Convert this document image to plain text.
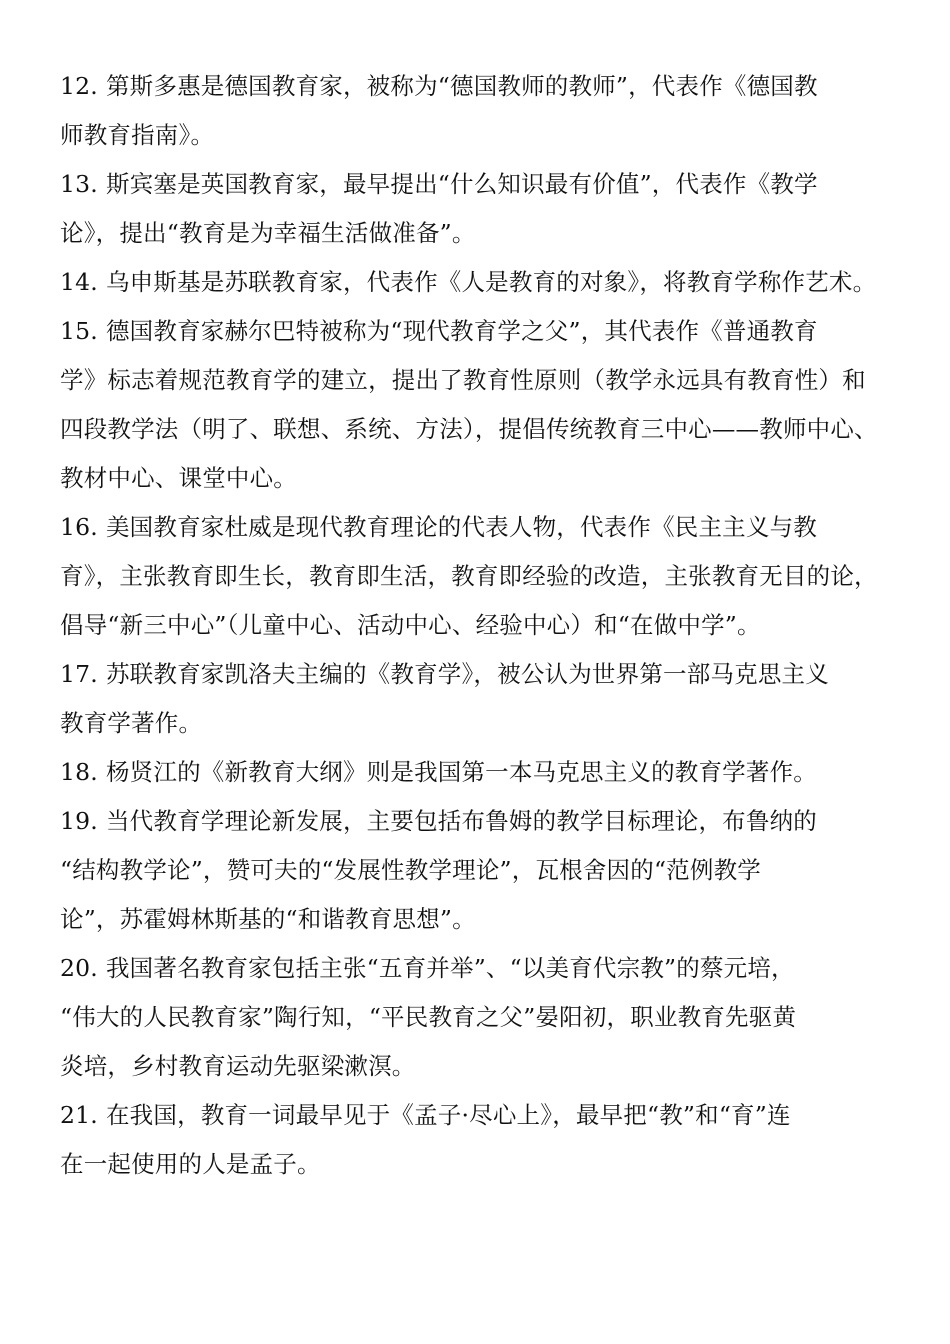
12. 第斯多惠是德国教育家，被称为“德国教师的教师”，代表作《德国教
师教育指南》。
13. 斯宾塞是英国教育家，最早提出“什么知识最有价值”，代表作《教学
论》，提出“教育是为幸福生活做准备”。
14. 乌申斯基是苏联教育家，代表作《人是教育的对象》，将教育学称作艺术。
15. 德国教育家赫尔巴特被称为“现代教育学之父”，其代表作《普通教育
学》标志着规范教育学的建立，提出了教育性原则（教学永远具有教育性）和
四段教学法（明了、联想、系统、方法），提倡传统教育三中心——教师中心、
教材中心、课堂中心。
16. 美国教育家杜威是现代教育理论的代表人物，代表作《民主主义与教
育》，主张教育即生长，教育即生活，教育即经验的改造，主张教育无目的论，
倡导“新三中心”（儿童中心、活动中心、经验中心）和“在做中学”。
17. 苏联教育家凯洛夫主编的《教育学》，被公认为世界第一部马克思主义
教育学著作。
18. 杨贤江的《新教育大纲》则是我国第一本马克思主义的教育学著作。
19. 当代教育学理论新发展，主要包括布鲁姆的教学目标理论，布鲁纳的
“结构教学论”，赞可夫的“发展性教学理论”，瓦根舍因的“范例教学
论”，苏霍姆林斯基的“和谐教育思想”。
20. 我国著名教育家包括主张“五育并举”、“以美育代宗教”的蔡元培，
“伟大的人民教育家”陶行知，“平民教育之父”晏阳初，职业教育先驱黄
炎培，乡村教育运动先驱梁漱溟。
21. 在我国，教育一词最早见于《孟子·尽心上》，最早把“教”和“育”连
在一起使用的人是孟子。
